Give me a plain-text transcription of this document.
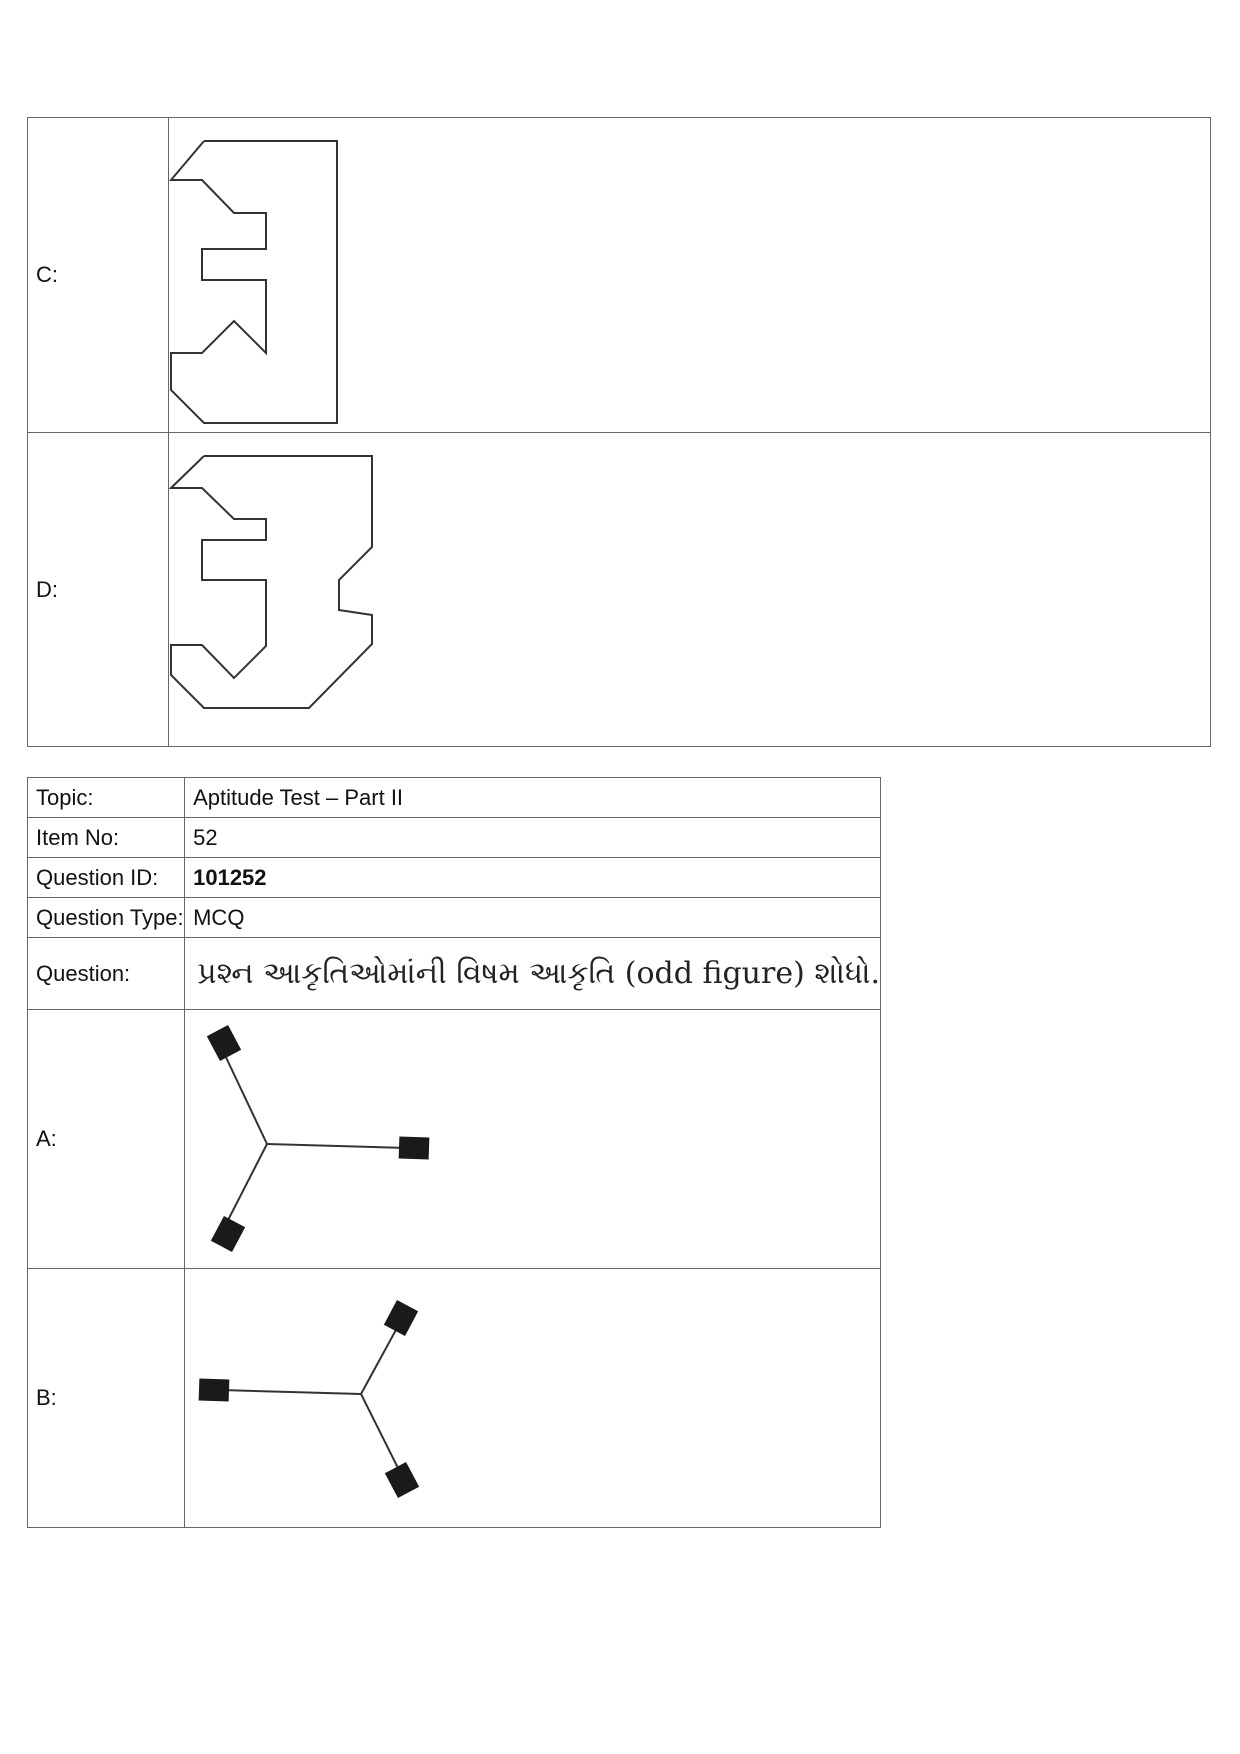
C:	

D:	
Topic:	Aptitude Test – Part II
Item No:	52
Question ID:	101252
Question Type:	MCQ
Question:	પ્રશ્ન આકૃતિઓમાંની વિષમ આકૃતિ (odd figure) શોધો.
A:	

B:	
